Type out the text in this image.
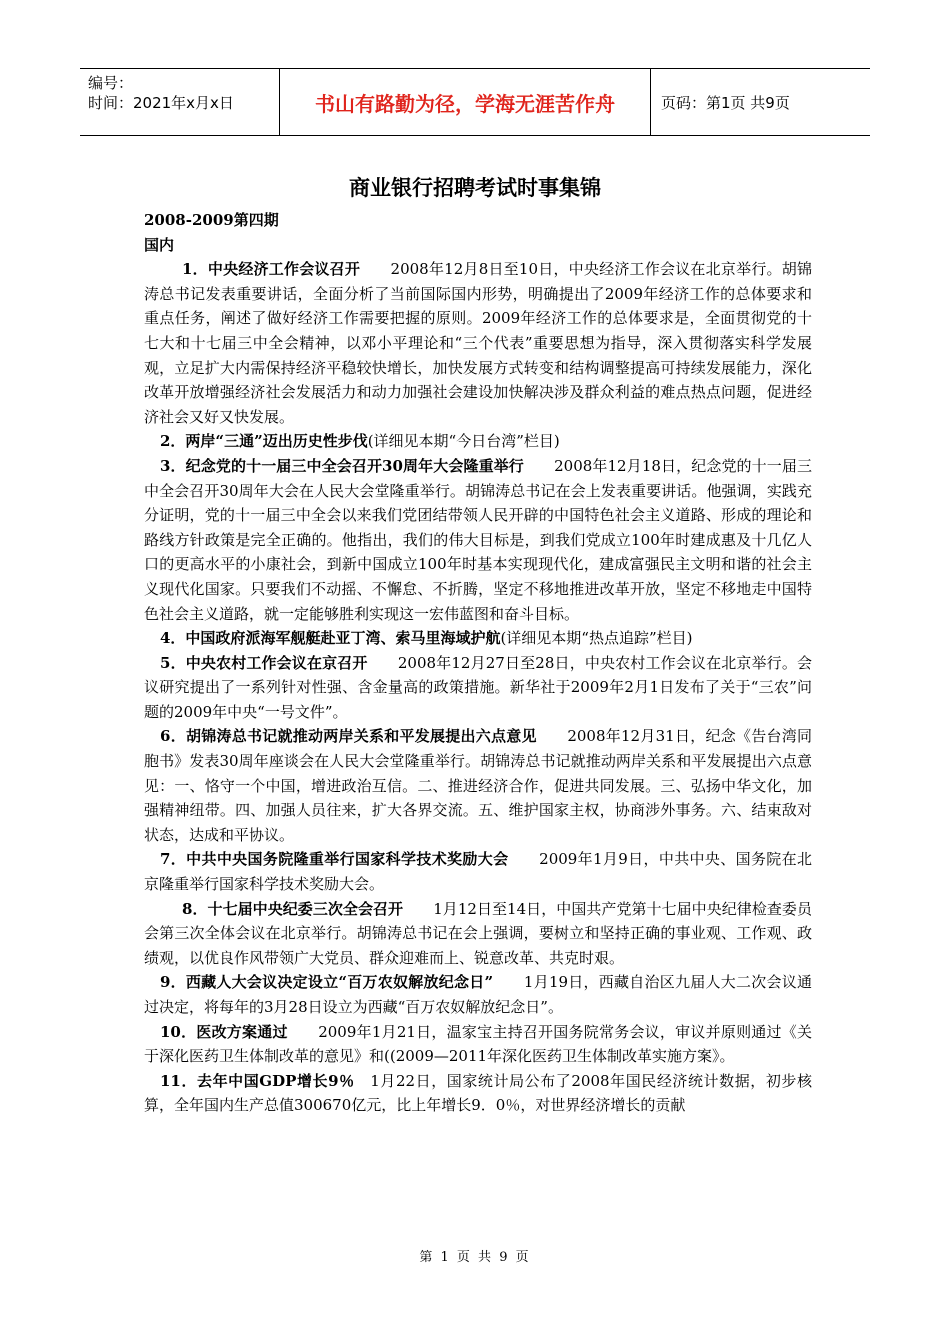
编号：
时间：2021年x月x日	书山有路勤为径，学海无涯苦作舟	页码：第1页 共9页
商业银行招聘考试时事集锦

2008-2009第四期

国内

1．中央经济工作会议召开　　2008年12月8日至10日，中央经济工作会议在北京举行。胡锦涛总书记发表重要讲话，全面分析了当前国际国内形势，明确提出了2009年经济工作的总体要求和重点任务，阐述了做好经济工作需要把握的原则。2009年经济工作的总体要求是，全面贯彻党的十七大和十七届三中全会精神，以邓小平理论和“三个代表”重要思想为指导，深入贯彻落实科学发展观，立足扩大内需保持经济平稳较快增长，加快发展方式转变和结构调整提高可持续发展能力，深化改革开放增强经济社会发展活力和动力加强社会建设加快解决涉及群众利益的难点热点问题，促进经济社会又好又快发展。

2．两岸“三通”迈出历史性步伐(详细见本期“今日台湾”栏目)

3．纪念党的十一届三中全会召开30周年大会隆重举行　　2008年12月18日，纪念党的十一届三中全会召开30周年大会在人民大会堂隆重举行。胡锦涛总书记在会上发表重要讲话。他强调，实践充分证明，党的十一届三中全会以来我们党团结带领人民开辟的中国特色社会主义道路、形成的理论和路线方针政策是完全正确的。他指出，我们的伟大目标是，到我们党成立100年时建成惠及十几亿人口的更高水平的小康社会，到新中国成立100年时基本实现现代化，建成富强民主文明和谐的社会主义现代化国家。只要我们不动摇、不懈怠、不折腾，坚定不移地推进改革开放，坚定不移地走中国特色社会主义道路，就一定能够胜利实现这一宏伟蓝图和奋斗目标。

4．中国政府派海军舰艇赴亚丁湾、索马里海域护航(详细见本期“热点追踪”栏目)

5．中央农村工作会议在京召开　　2008年12月27日至28日，中央农村工作会议在北京举行。会议研究提出了一系列针对性强、含金量高的政策措施。新华社于2009年2月1日发布了关于“三农”问题的2009年中央“一号文件”。

6．胡锦涛总书记就推动两岸关系和平发展提出六点意见　　2008年12月31日，纪念《告台湾同胞书》发表30周年座谈会在人民大会堂隆重举行。胡锦涛总书记就推动两岸关系和平发展提出六点意见：一、恪守一个中国，增进政治互信。二、推进经济合作，促进共同发展。三、弘扬中华文化，加强精神纽带。四、加强人员往来，扩大各界交流。五、维护国家主权，协商涉外事务。六、结束敌对状态，达成和平协议。

7．中共中央国务院隆重举行国家科学技术奖励大会　　2009年1月9日，中共中央、国务院在北京隆重举行国家科学技术奖励大会。

8．十七届中央纪委三次全会召开　　1月12日至14日，中国共产党第十七届中央纪律检查委员会第三次全体会议在北京举行。胡锦涛总书记在会上强调，要树立和坚持正确的事业观、工作观、政绩观，以优良作风带领广大党员、群众迎难而上、锐意改革、共克时艰。

9．西藏人大会议决定设立“百万农奴解放纪念日”　　1月19日，西藏自治区九届人大二次会议通过决定，将每年的3月28日设立为西藏“百万农奴解放纪念日”。

10．医改方案通过　　2009年1月21日，温家宝主持召开国务院常务会议，审议并原则通过《关于深化医药卫生体制改革的意见》和((2009—2011年深化医药卫生体制改革实施方案》。

11．去年中国GDP增长9％　1月22日，国家统计局公布了2008年国民经济统计数据，初步核算，全年国内生产总值300670亿元，比上年增长9．0％，对世界经济增长的贡献

第 1 页 共 9 页
